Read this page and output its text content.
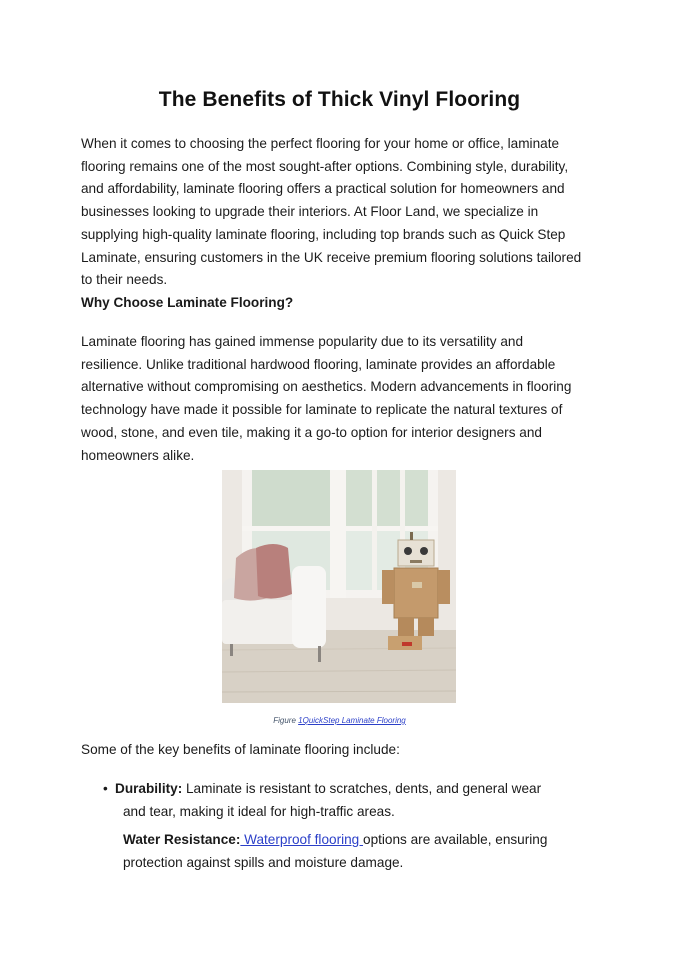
The Benefits of Thick Vinyl Flooring

When it comes to choosing the perfect flooring for your home or office, laminate flooring remains one of the most sought-after options. Combining style, durability, and affordability, laminate flooring offers a practical solution for homeowners and businesses looking to upgrade their interiors. At Floor Land, we specialize in supplying high-quality laminate flooring, including top brands such as Quick Step Laminate, ensuring customers in the UK receive premium flooring solutions tailored to their needs.

Why Choose Laminate Flooring?

Laminate flooring has gained immense popularity due to its versatility and resilience. Unlike traditional hardwood flooring, laminate provides an affordable alternative without compromising on aesthetics. Modern advancements in flooring technology have made it possible for laminate to replicate the natural textures of wood, stone, and even tile, making it a go-to option for interior designers and homeowners alike.

Figure 1QuickStep Laminate Flooring

Some of the key benefits of laminate flooring include:

• Durability: Laminate is resistant to scratches, dents, and general wear
and tear, making it ideal for high-traffic areas.
Water Resistance: Waterproof flooring options are available, ensuring protection against spills and moisture damage.
